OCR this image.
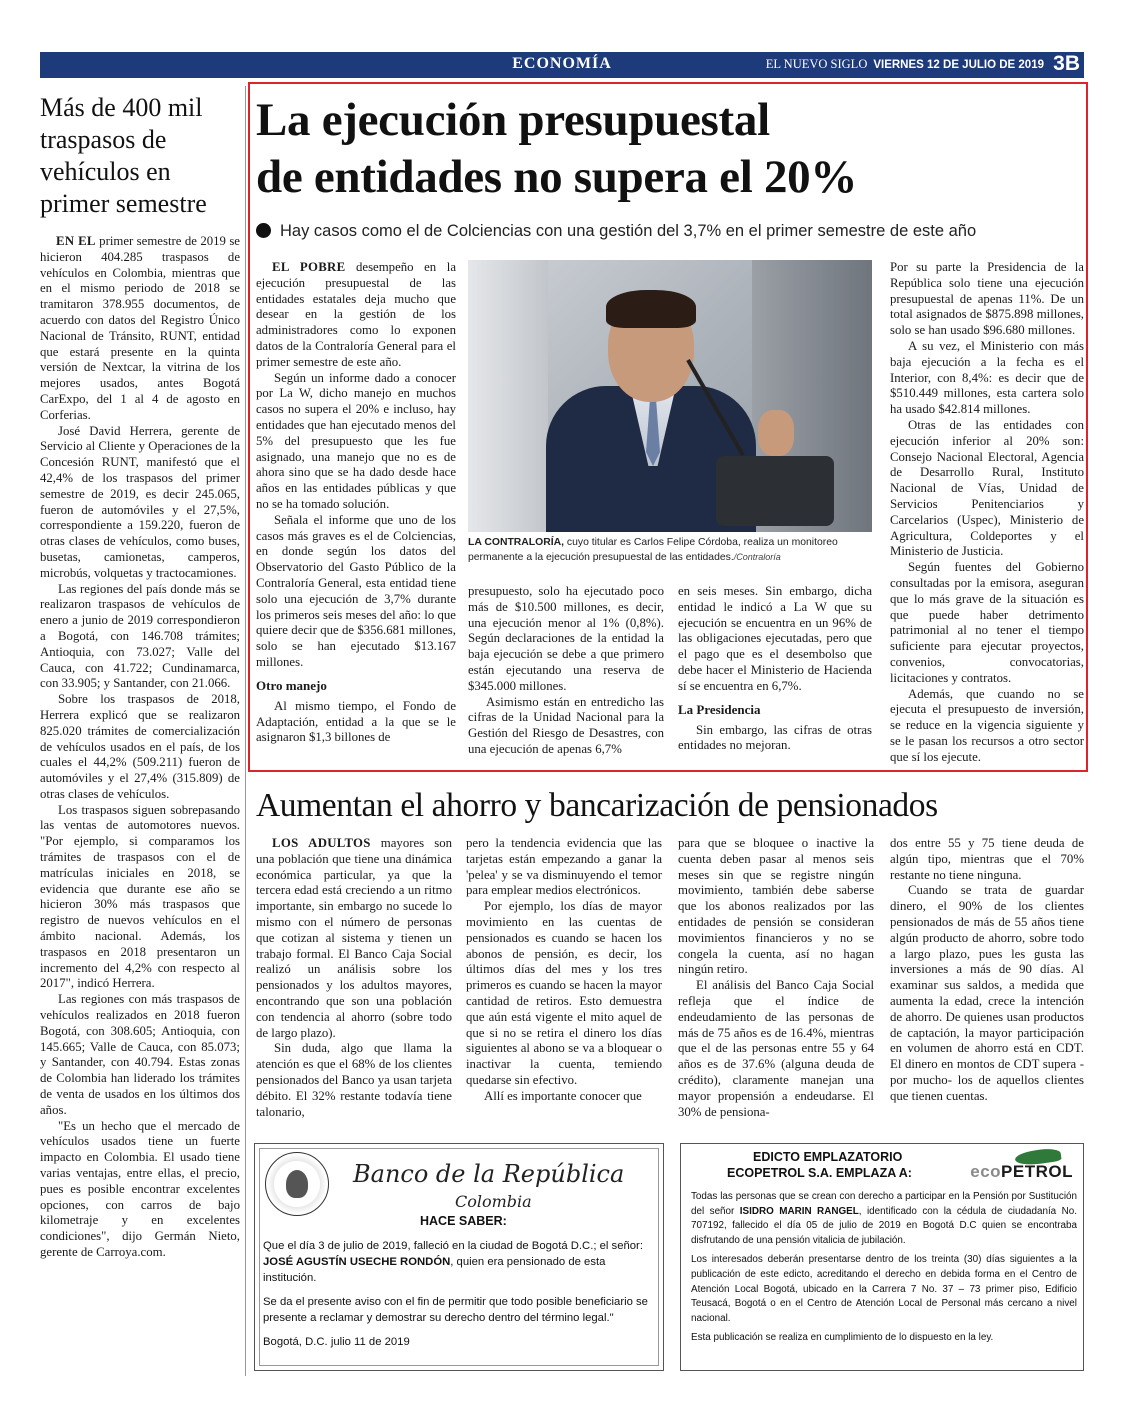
ECONOMÍA	EL NUEVO SIGLO VIERNES 12 DE JULIO DE 2019 3B
Más de 400 mil traspasos de vehículos en primer semestre

EN EL primer semestre de 2019 se hicieron 404.285 traspasos de vehículos en Colombia, mientras que en el mismo periodo de 2018 se tramitaron 378.955 documentos, de acuerdo con datos del Registro Único Nacional de Tránsito, RUNT, entidad que estará presente en la quinta versión de Nextcar, la vitrina de los mejores usados, antes Bogotá CarExpo, del 1 al 4 de agosto en Corferias.

José David Herrera, gerente de Servicio al Cliente y Operaciones de la Concesión RUNT, manifestó que el 42,4% de los traspasos del primer semestre de 2019, es decir 245.065, fueron de automóviles y el 27,5%, correspondiente a 159.220, fueron de otras clases de vehículos, como buses, busetas, camionetas, camperos, microbús, volquetas y tractocamiones.

Las regiones del país donde más se realizaron traspasos de vehículos de enero a junio de 2019 correspondieron a Bogotá, con 146.708 trámites; Antioquia, con 73.027; Valle del Cauca, con 41.722; Cundinamarca, con 33.905; y Santander, con 21.066.

Sobre los traspasos de 2018, Herrera explicó que se realizaron 825.020 trámites de comercialización de vehículos usados en el país, de los cuales el 44,2% (509.211) fueron de automóviles y el 27,4% (315.809) de otras clases de vehículos.

Los traspasos siguen sobrepasando las ventas de automotores nuevos. "Por ejemplo, si comparamos los trámites de traspasos con el de matrículas iniciales en 2018, se evidencia que durante ese año se hicieron 30% más traspasos que registro de nuevos vehículos en el ámbito nacional. Además, los traspasos en 2018 presentaron un incremento del 4,2% con respecto al 2017", indicó Herrera.

Las regiones con más traspasos de vehículos realizados en 2018 fueron Bogotá, con 308.605; Antioquia, con 145.665; Valle de Cauca, con 85.073; y Santander, con 40.794. Estas zonas de Colombia han liderado los trámites de venta de usados en los últimos dos años.

"Es un hecho que el mercado de vehículos usados tiene un fuerte impacto en Colombia. El usado tiene varias ventajas, entre ellas, el precio, pues es posible encontrar excelentes opciones, con carros de bajo kilometraje y en excelentes condiciones", dijo Germán Nieto, gerente de Carroya.com.

La ejecución presupuestal
de entidades no supera el 20%
Hay casos como el de Colciencias con una gestión del 3,7% en el primer semestre de este año

EL POBRE desempeño en la ejecución presupuestal de las entidades estatales deja mucho que desear en la gestión de los administradores como lo exponen datos de la Contraloría General para el primer semestre de este año.

Según un informe dado a conocer por La W, dicho manejo en muchos casos no supera el 20% e incluso, hay entidades que han ejecutado menos del 5% del presupuesto que les fue asignado, una manejo que no es de ahora sino que se ha dado desde hace años en las entidades públicas y que no se ha tomado solución.

Señala el informe que uno de los casos más graves es el de Colciencias, en donde según los datos del Observatorio del Gasto Público de la Contraloría General, esta entidad tiene solo una ejecución de 3,7% durante los primeros seis meses del año: lo que quiere decir que de $356.681 millones, solo se han ejecutado $13.167 millones.

Otro manejo

Al mismo tiempo, el Fondo de Adaptación, entidad a la que se le asignaron $1,3 billones de

LA CONTRALORÍA, cuyo titular es Carlos Felipe Córdoba, realiza un monitoreo permanente a la ejecución presupuestal de las entidades./Contraloría

presupuesto, solo ha ejecutado poco más de $10.500 millones, es decir, una ejecución menor al 1% (0,8%). Según declaraciones de la entidad la baja ejecución se debe a que primero están ejecutando una reserva de $345.000 millones.

Asimismo están en entredicho las cifras de la Unidad Nacional para la Gestión del Riesgo de Desastres, con una ejecución de apenas 6,7%

en seis meses. Sin embargo, dicha entidad le indicó a La W que su ejecución se encuentra en un 96% de las obligaciones ejecutadas, pero que el pago que es el desembolso que debe hacer el Ministerio de Hacienda sí se encuentra en 6,7%.

La Presidencia

Sin embargo, las cifras de otras entidades no mejoran.

Por su parte la Presidencia de la República solo tiene una ejecución presupuestal de apenas 11%. De un total asignados de $875.898 millones, solo se han usado $96.680 millones.

A su vez, el Ministerio con más baja ejecución a la fecha es el Interior, con 8,4%: es decir que de $510.449 millones, esta cartera solo ha usado $42.814 millones.

Otras de las entidades con ejecución inferior al 20% son: Consejo Nacional Electoral, Agencia de Desarrollo Rural, Instituto Nacional de Vías, Unidad de Servicios Penitenciarios y Carcelarios (Uspec), Ministerio de Agricultura, Coldeportes y el Ministerio de Justicia.

Según fuentes del Gobierno consultadas por la emisora, aseguran que lo más grave de la situación es que puede haber detrimento patrimonial al no tener el tiempo suficiente para ejecutar proyectos, convenios, convocatorias, licitaciones y contratos.

Además, que cuando no se ejecuta el presupuesto de inversión, se reduce en la vigencia siguiente y se le pasan los recursos a otro sector que sí los ejecute.

Aumentan el ahorro y bancarización de pensionados

LOS ADULTOS mayores son una población que tiene una dinámica económica particular, ya que la tercera edad está creciendo a un ritmo importante, sin embargo no sucede lo mismo con el número de personas que cotizan al sistema y tienen un trabajo formal. El Banco Caja Social realizó un análisis sobre los pensionados y los adultos mayores, encontrando que son una población con tendencia al ahorro (sobre todo de largo plazo).

Sin duda, algo que llama la atención es que el 68% de los clientes pensionados del Banco ya usan tarjeta débito. El 32% restante todavía tiene talonario,

pero la tendencia evidencia que las tarjetas están empezando a ganar la 'pelea' y se va disminuyendo el temor para emplear medios electrónicos.

Por ejemplo, los días de mayor movimiento en las cuentas de pensionados es cuando se hacen los abonos de pensión, es decir, los últimos días del mes y los tres primeros es cuando se hacen la mayor cantidad de retiros. Esto demuestra que aún está vigente el mito aquel de que si no se retira el dinero los días siguientes al abono se va a bloquear o inactivar la cuenta, temiendo quedarse sin efectivo.

Allí es importante conocer que

para que se bloquee o inactive la cuenta deben pasar al menos seis meses sin que se registre ningún movimiento, también debe saberse que los abonos realizados por las entidades de pensión se consideran movimientos financieros y no se congela la cuenta, así no hagan ningún retiro.

El análisis del Banco Caja Social refleja que el índice de endeudamiento de las personas de más de 75 años es de 16.4%, mientras que el de las personas entre 55 y 64 años es de 37.6% (alguna deuda de crédito), claramente manejan una mayor propensión a endeudarse. El 30% de pensiona-

dos entre 55 y 75 tiene deuda de algún tipo, mientras que el 70% restante no tiene ninguna.

Cuando se trata de guardar dinero, el 90% de los clientes pensionados de más de 55 años tiene algún producto de ahorro, sobre todo a largo plazo, pues les gusta las inversiones a más de 90 días. Al examinar sus saldos, a medida que aumenta la edad, crece la intención de ahorro. De quienes usan productos de captación, la mayor participación en volumen de ahorro está en CDT. El dinero en montos de CDT supera -por mucho- los de aquellos clientes que tienen cuentas.

Banco de la República
Colombia
HACE SABER:

Que el día 3 de julio de 2019, falleció en la ciudad de Bogotá D.C.; el señor: JOSÉ AGUSTÍN USECHE RONDÓN, quien era pensionado de esta institución.

Se da el presente aviso con el fin de permitir que todo posible beneficiario se presente a reclamar y demostrar su derecho dentro del término legal."

Bogotá, D.C. julio 11 de 2019

EDICTO EMPLAZATORIO
ECOPETROL S.A. EMPLAZA A:	ecoPETROL

Todas las personas que se crean con derecho a participar en la Pensión por Sustitución del señor ISIDRO MARIN RANGEL, identificado con la cédula de ciudadanía No. 707192, fallecido el día 05 de julio de 2019 en Bogotá D.C quien se encontraba disfrutando de una pensión vitalicia de jubilación.

Los interesados deberán presentarse dentro de los treinta (30) días siguientes a la publicación de este edicto, acreditando el derecho en debida forma en el Centro de Atención Local Bogotá, ubicado en la Carrera 7 No. 37 – 73 primer piso, Edificio Teusacá, Bogotá o en el Centro de Atención Local de Personal más cercano a nivel nacional.

Esta publicación se realiza en cumplimiento de lo dispuesto en la ley.
